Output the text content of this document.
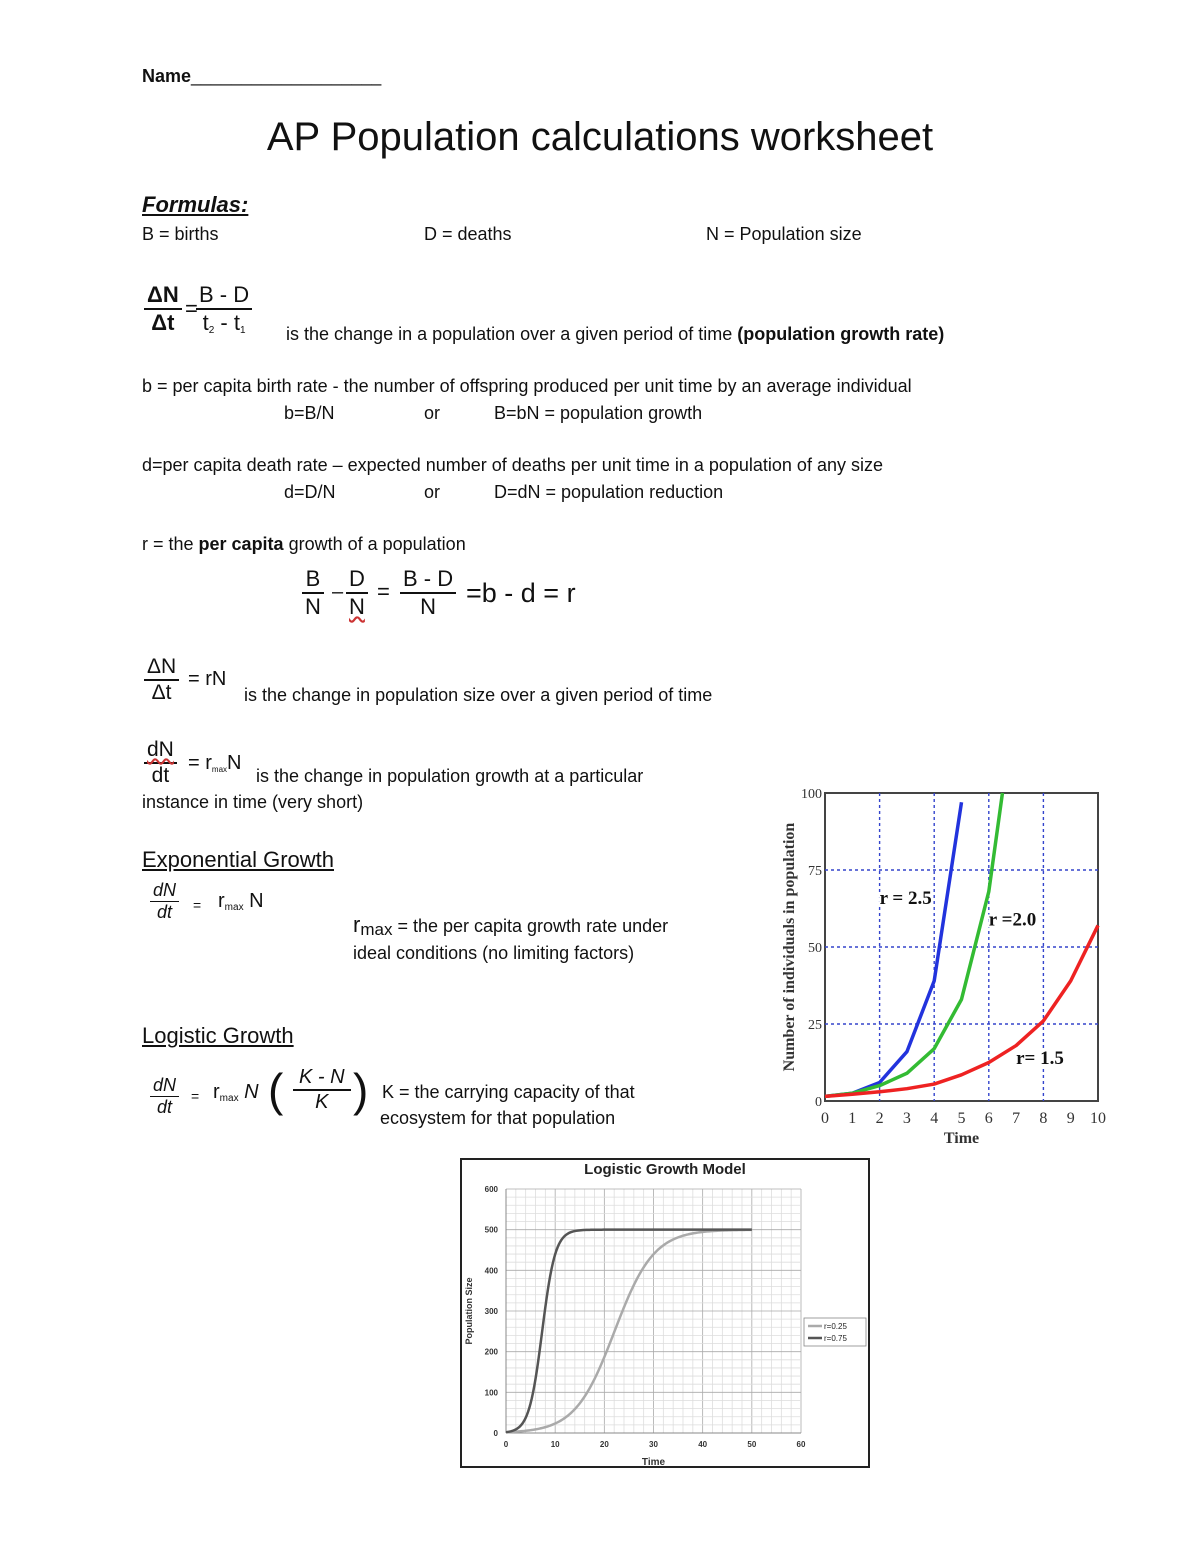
Name___________________
AP Population calculations worksheet
Formulas:
B = births	D = deaths	N = Population size
$\frac{\Delta N}{\Delta t}$ =
$\frac{B - D}{t_2 - t_1}$ is the change in a population over a given period of time (population growth rate)
b = per capita birth rate - the number of offspring produced per unit time by an average individual
b=B/N	or	B=bN = population growth
d=per capita death rate – expected number of deaths per unit time in a population of any size
d=D/N	or	D=dN = population reduction
r = the per capita growth of a population
$\frac{B}{N} - \frac{D}{N} = \frac{B - D}{N} =b - d = r$
$\frac{\Delta N}{\Delta t}$ = rN
is the change in population size over a given period of time
$\frac{dN}{dt} = r_{max}N$
is the change in population growth at a particular
instance in time (very short)
Exponential Growth
$\frac{dN}{dt} = r_{max}$ N
rmax = the per capita growth rate under
ideal conditions (no limiting factors)
Logistic Growth
$\frac{dN}{dt} = r_{max}$ N ( $\frac{K - N}{K}$ ) K = the carrying capacity of that
ecosystem for that population	0 1 2 3 4 5 6 7 8 9 10
0
25
50
75
100
Time
Number of individuals in population	r = 2.5
r =2.0
r= 1.5
Logistic Growth Model
0	10	20	30	40	50	60
0
100
200
300
400
500
600
Time
Population Size	r=0.25
r=0.75
